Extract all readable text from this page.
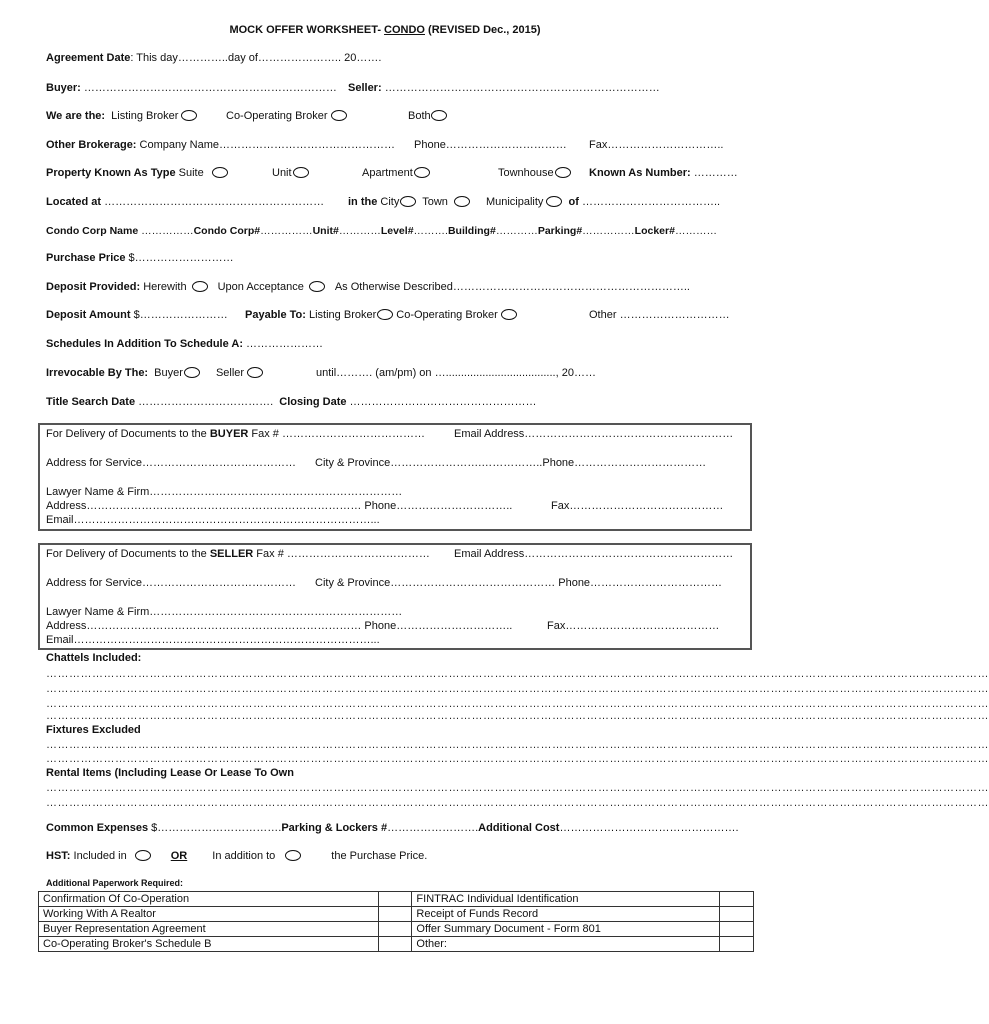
MOCK OFFER WORKSHEET- CONDO (REVISED Dec., 2015)
Agreement Date: This day…………..day of………………….. 20…….
Buyer: …………………………………………………………… Seller: …………………………………………………………………
We are the: Listing Broker	Co-Operating Broker	Both
Other Brokerage: Company Name………………………………………… Phone…………………………… Fax…………………………..
Property Known As Type Suite	Unit	Apartment	Townhouse	Known As Number: …………
Located at …………………………………………………… in the City Town	Municipality of ………………………………..
Condo Corp Name ……………Condo Corp#……………Unit#…………Level#……….Building#…………Parking#……………Locker#…………
Purchase Price $………………………
Deposit Provided: Herewith	Upon Acceptance	As Otherwise Described………………………………………………………..
Deposit Amount $…………………… Payable To: Listing Broker Co-Operating Broker	Other …………………………
Schedules In Addition To Schedule A: …………………
Irrevocable By The: Buyer	Seller	until………. (am/pm) on …...................................., 20……
Title Search Date ………………………………. Closing Date ……………………………………………
For Delivery of Documents to the BUYER Fax # …………………………………	Email Address…………………………………………………
Address for Service…………………………………… City & Province…………………….……………..Phone………………………………
Lawyer Name & Firm……………………………………………………………
Address………………………………………………………………… Phone…………………………..	Fax……………………………………
Email………………………………………………………………………...
For Delivery of Documents to the SELLER Fax # ………………………………… Email Address…………………………………………………
Address for Service…………………………………… City & Province……………………………………… Phone………………………………
Lawyer Name & Firm……………………………………………………………
Address………………………………………………………………… Phone…………………………..	Fax……………………………………
Email………………………………………………………………………...
Chattels Included:
…………………………………………………………………………………………………………………………………………………………………………………………………………………………
…………………………………………………………………………………………………………………………………………………………………………………………………………………………
…………………………………………………………………………………………………………………………………………………………………………………………………………………………
…………………………………………………………………………………………………………………………………………………………………………………………………………………………
Fixtures Excluded
…………………………………………………………………………………………………………………………………………………………………………………………………………………………
…………………………………………………………………………………………………………………………………………………………………………………………………………………………
Rental Items (Including Lease Or Lease To Own
…………………………………………………………………………………………………………………………………………………………………………………………………………………………
…………………………………………………………………………………………………………………………………………………………………………………………………………………………
Common Expenses $…………………………….Parking & Lockers #…………………….Additional Cost………………………………………….
HST: Included in	OR In addition to	the Purchase Price.
Additional Paperwork Required:
Confirmation Of Co-Operation		FINTRAC Individual Identification	
Working With A Realtor		Receipt of Funds Record	
Buyer Representation Agreement		Offer Summary Document - Form 801	
Co-Operating Broker's Schedule B		Other:	
